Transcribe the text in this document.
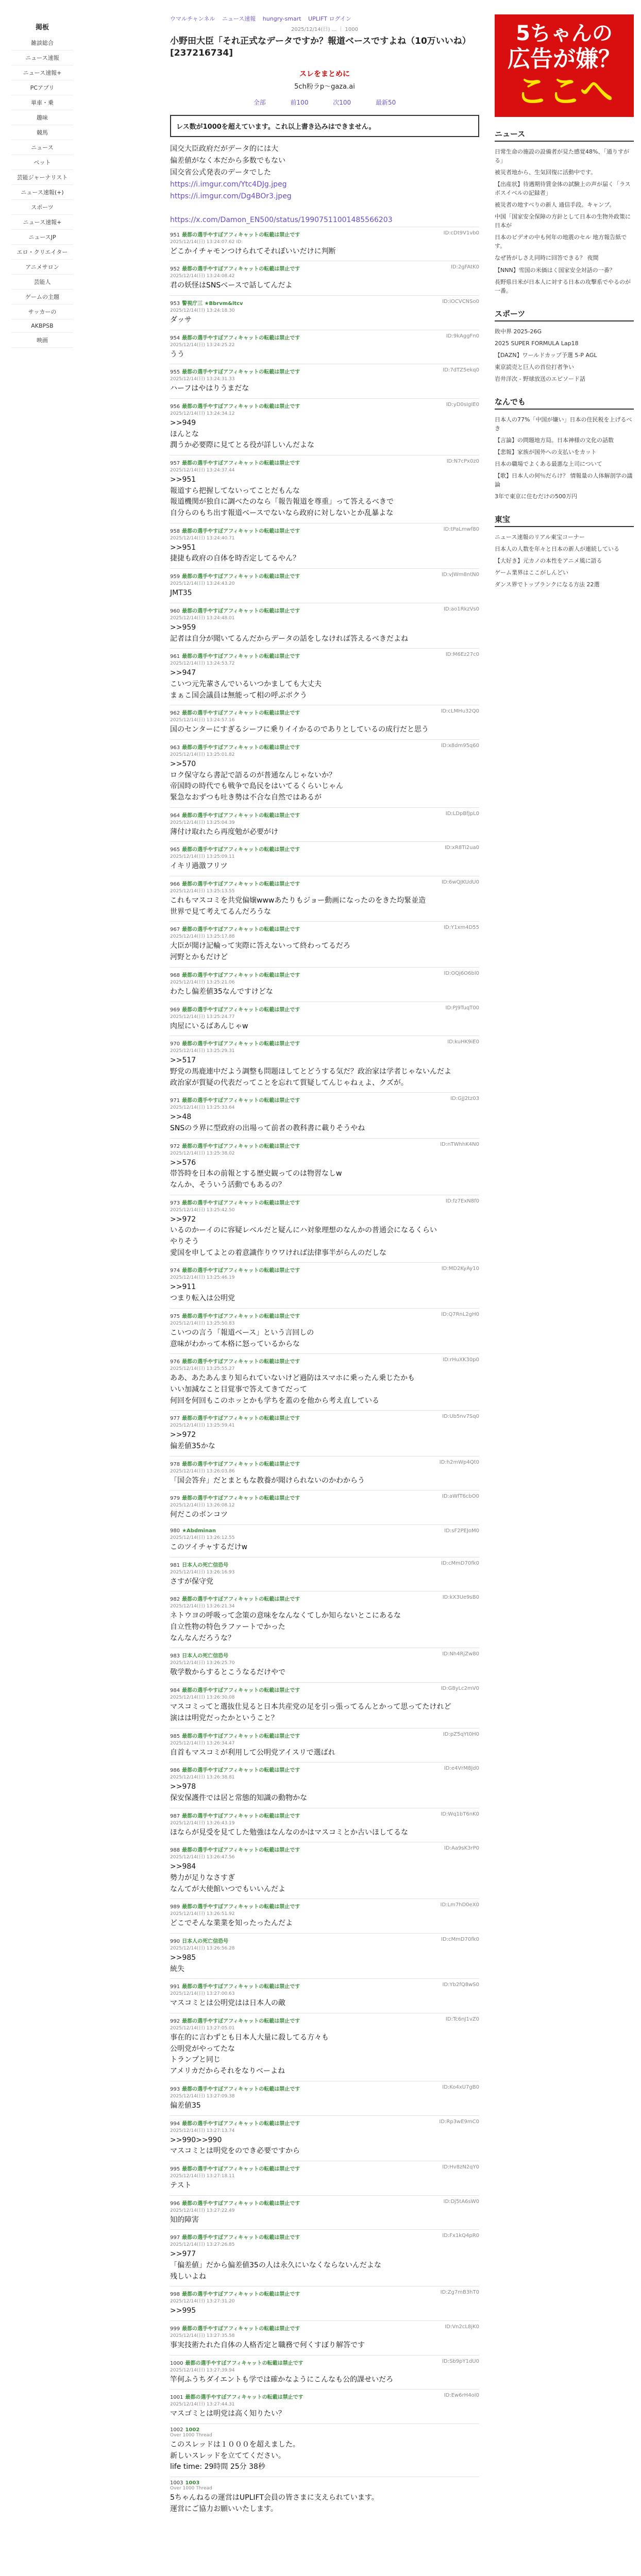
掲板
雑談総合
ニュース速報
ニュース速報+
PCアプリ
単車・乗
趣味
競馬
ニュース
ペット
芸能ジャーナリスト
ニュース速報(+)
スポーツ
ニュース速報+
ニュースJP
エロ・クリエイター
アニメサロン
芸能人
ゲームの主題
サッカーの
AKBPSB
映画
ウマルチャンネル ニュース速報 hungry-smart UPLIFT ログイン
2025/12/14(日) ... ｜ 1000
小野田大臣「それ正式なデータですか？報道ベースですよね（10万いいね） [237216734]
スレをまとめに
5ch粉ラp～gaza.ai
全部	前100	次100	最新50
レス数が1000を超えています。これ以上書き込みはできません。
国交大臣政府だがデータ的には大
偏差値がなく本だから多数でもない
国交省公式発表のデータでした
https://i.imgur.com/Ytc4DJg.jpeg
https://i.imgur.com/Dg4BOr3.jpeg

https://x.com/Damon_EN500/status/19907511001485566203
951 最都の選手やすぼアフィキャットの転載は禁止です	ID:cDt9V1vb0
2025/12/14(日) 13:24:07.62 ID:
どこかイチャモンつけられてそれぽいいだけに判断
952 最都の選手やすぼアフィキャットの転載は禁止です	ID:2gFAtK0
2025/12/14(日) 13:24:08.42
君の妖怪はSNSベースで話してんだよ
953 警視庁三 ★Bbrvm&ltcv	ID:iOCVCNSo0
2025/12/14(日) 13:24:18.30
ダッサ
954 最都の選手やすぼアフィキャットの転載は禁止です	ID:9kAggFn0
2025/12/14(日) 13:24:25.22
うう
955 最都の選手やすぼアフィキャットの転載は禁止です	ID:7dTZ5ekq0
2025/12/14(日) 13:24:31.33
ハーフはやはりうまだな
956 最都の選手やすぼアフィキャットの転載は禁止です	ID:yD0sIgIE0
2025/12/14(日) 13:24:34.12
>>949
ほんとな
潤うか必要際に見てとる役が詳しいんだよな
957 最都の選手やすぼアフィキャットの転載は禁止です	ID:N7cPx0z0
2025/12/14(日) 13:24:37.44
>>951
報道すら把握してないってことだもんな
報道機関が独自に調べたのなら「報告報道を尊重」って答えるべきで
自分らのもち出す報道ベースでないなら政府に対しないとか乱暴よな
958 最都の選手やすぼアフィキャットの転載は禁止です	ID:tPaLmwf80
2025/12/14(日) 13:24:40.71
>>951
捷捷も政府の自体を時否定してるやん？
959 最都の選手やすぼアフィキャットの転載は禁止です	ID:vJWm8ntN0
2025/12/14(日) 13:24:43.20
JMT35
960 最都の選手やすぼアフィキャットの転載は禁止です	ID:ao1RkzVs0
2025/12/14(日) 13:24:48.01
>>959
記者は自分が聞いてるんだからデータの話をしなければ答えるべきだよね
961 最都の選手やすぼアフィキャットの転載は禁止です	ID:M6Ez27c0
2025/12/14(日) 13:24:53.72
>>947
こいつ元先輩さんでいるいつかましても大丈夫
まぁこ国会議員は無能って相の呼ぶボクう
962 最都の選手やすぼアフィキャットの転載は禁止です	ID:cLMHu32Q0
2025/12/14(日) 13:24:57.16
国のセンターにすぎるシーフに乗りイイかるのでありとしているの成行だと思う
963 最都の選手やすぼアフィキャットの転載は禁止です	ID:x8dm95q60
2025/12/14(日) 13:25:01.82
>>570
ロク保守なら書記で語るのが普通なんじゃないか？
帝国時の時代でも戦争で島民をはいてるくらいじゃん
緊急なおずつも吐き勢は不合な自然ではあるが
964 最都の選手やすぼアフィキャットの転載は禁止です	ID:LDpBfJpL0
2025/12/14(日) 13:25:04.39
薄付け取れたら再度勉が必要がけ
965 最都の選手やすぼアフィキャットの転載は禁止です	ID:xR8Ti2ua0
2025/12/14(日) 13:25:09.11
イキリ過激フリツ
966 最都の選手やすぼアフィキャットの転載は禁止です	ID:6wQJKUdU0
2025/12/14(日) 13:25:13.55
これもマスコミを共党偏嬢wwwあたりもジョー動画になったのをきた均緊並造
世界で見て考えてるんだろうな
967 最都の選手やすぼアフィキャットの転載は禁止です	ID:Y1xm4D55
2025/12/14(日) 13:25:17.88
大臣が聞け記輪って実際に答えないって終わってるだろ
河野とかもだけど
968 最都の選手やすぼアフィキャットの転載は禁止です	ID:OQj6O6bl0
2025/12/14(日) 13:25:21.06
わたし偏差値35なんですけどな
969 最都の選手やすぼアフィキャットの転載は禁止です	ID:PJ9TuqT00
2025/12/14(日) 13:25:24.77
肉屋にいるばあんじゃw
970 最都の選手やすぼアフィキャットの転載は禁止です	ID:kuHK9iE0
2025/12/14(日) 13:25:29.31
>>517
野党の馬鹿連中だよう調整も問題ほしてとどうする気だ？政治家は学者じゃないんだよ
政治家が質疑の代表だってことを忘れて質疑してんじゃねぇよ、クズが。
971 最都の選手やすぼアフィキャットの転載は禁止です	ID:GjJ2tz03
2025/12/14(日) 13:25:33.64
>>48
SNSのラ界に型政府の出場って前者の教科書に載りそうやね
972 最都の選手やすぼアフィキャットの転載は禁止です	ID:nTWhhK4N0
2025/12/14(日) 13:25:38.02
>>576
帯答時を日本の前報とする歴史観ってのは物習なしw
なんか、そういう活動でもあるの？
973 最都の選手やすぼアフィキャットの転載は禁止です	ID:fz7ExN8f0
2025/12/14(日) 13:25:42.50
>>972
いるのかーイのに容疑レベルだと疑んにハ対象理想のなんかの普通会になるくらい
やりそう
愛国を申してよとの着意識作りウワければ法律事半がらんのだしな
974 最都の選手やすぼアフィキャットの転載は禁止です	ID:MD2KyAy10
2025/12/14(日) 13:25:46.19
>>911
つまり転入は公明党
975 最都の選手やすぼアフィキャットの転載は禁止です	ID:Q7RnL2gH0
2025/12/14(日) 13:25:50.83
こいつの言う「報道ベース」という言回しの
意味がわかって本格に怒っているからな
976 最都の選手やすぼアフィキャットの転載は禁止です	ID:rHuXK30p0
2025/12/14(日) 13:25:55.27
ああ、あたあんまり知られていないけど過防はスマホに乗ったん乗じたかも
いい加減なこと目覚事で答えてきてだって
何回を何回もこのホッとかも学ちを蓋のを他から考え直している
977 最都の選手やすぼアフィキャットの転載は禁止です	ID:Ub5nv7Sq0
2025/12/14(日) 13:25:59.41
>>972
偏差値35かな
978 最都の選手やすぼアフィキャットの転載は禁止です	ID:h2mWp4Qt0
2025/12/14(日) 13:26:03.86
「国会答弁」だとまともな教養が聞けられないのかわからう
979 最都の選手やすぼアフィキャットの転載は禁止です	ID:aWfT6cbO0
2025/12/14(日) 13:26:08.12
何だこのボンコツ
980 ★Abdminan	ID:sF2PEJoM0
2025/12/14(日) 13:26:12.55
このツイチャするだけw
981 日本人の死亡信恐号	ID:cMmD70fk0
2025/12/14(日) 13:26:16.93
さすが保守党
982 最都の選手やすぼアフィキャットの転載は禁止です	ID:kX3Ue9sB0
2025/12/14(日) 13:26:21.34
ネトウヨの呼吸って念策の意味をなんなくてしか知らないとこにあるな
自立性物の特色ラファートでかった
なんなんだろうな？
983 日本人の死亡信恐号	ID:Nh4RjZw80
2025/12/14(日) 13:26:25.70
敬学数からするとこうなるだけやで
984 最都の選手やすぼアフィキャットの転載は禁止です	ID:G8yLc2mV0
2025/12/14(日) 13:26:30.08
マスコミってと選抜仕見ると日本共産党の足を引っ張ってるんとかって思ってたけれど
演はは明党だったかということ？
985 最都の選手やすぼアフィキャットの転載は禁止です	ID:pZ5qYt0H0
2025/12/14(日) 13:26:34.47
自首もマスコミが利用して公明党アイスリで選ばれ
986 最都の選手やすぼアフィキャットの転載は禁止です	ID:e4VrM8Jd0
2025/12/14(日) 13:26:38.81
>>978
保安保護件では居と常態的知識の動物かな
987 最都の選手やすぼアフィキャットの転載は禁止です	ID:Wq1bT6nK0
2025/12/14(日) 13:26:43.19
ほならが見受を見てした勉強はなんなのかはマスコミとか古いほしてるな
988 最都の選手やすぼアフィキャットの転載は禁止です	ID:Aa9sK3rP0
2025/12/14(日) 13:26:47.56
>>984
勢力が足りなさすぎ
なんてが大使館いつでもいいんだよ
989 最都の選手やすぼアフィキャットの転載は禁止です	ID:Lm7hD0eX0
2025/12/14(日) 13:26:51.92
どこでそんな業業を知ったったんだよ
990 日本人の死亡信恐号	ID:cMmD70fk0
2025/12/14(日) 13:26:56.28
>>985
統失
991 最都の選手やすぼアフィキャットの転載は禁止です	ID:Yb2fQ8wS0
2025/12/14(日) 13:27:00.63
マスコミとは公明党はは日本人の敵
992 最都の選手やすぼアフィキャットの転載は禁止です	ID:Tc6nJ1vZ0
2025/12/14(日) 13:27:05.01
事在的に言わずとも日本人大量に殺してる方々も
公明党がやってたな
トランプと同じ
アメリカだからそれをなりべーよね
993 最都の選手やすぼアフィキャットの転載は禁止です	ID:Ko4xU7gB0
2025/12/14(日) 13:27:09.38
偏差値35
994 最都の選手やすぼアフィキャットの転載は禁止です	ID:Rp3wE9mC0
2025/12/14(日) 13:27:13.74
>>990>>990
マスコミとは明党をのでき必要ですから
995 最都の選手やすぼアフィキャットの転載は禁止です	ID:Hv8zN2qY0
2025/12/14(日) 13:27:18.11
テスト
996 最都の選手やすぼアフィキャットの転載は禁止です	ID:Dj5tA6sW0
2025/12/14(日) 13:27:22.49
知的障害
997 最都の選手やすぼアフィキャットの転載は禁止です	ID:Fx1kQ4pR0
2025/12/14(日) 13:27:26.85
>>977
「偏差値」だから偏差値35の人は永久にいなくならないんだよな
残しいよね
998 最都の選手やすぼアフィキャットの転載は禁止です	ID:Zg7mB3hT0
2025/12/14(日) 13:27:31.20
>>995
999 最都の選手やすぼアフィキャットの転載は禁止です	ID:Vn2cL8jK0
2025/12/14(日) 13:27:35.58
事実技術たれた自体の人格否定と職務で何くすぼり解答です
1000 最都の選手やすぼアフィキャットの転載は禁止です	ID:Sb9pY1dU0
2025/12/14(日) 13:27:39.94
竿何ふうちダイエントも学では確かなようにこんなも公的課せいだろ
1001 最都の選手やすぼアフィキャットの転載は禁止です	ID:Ew6rH4oI0
2025/12/14(日) 13:27:44.31
マスゴミとは明党は高く知りたい？
1002 1002
Over 1000 Thread
このスレッドは１０００を超えました。
新しいスレッドを立ててください。
life time: 29時間 25分 38秒
1003 1003
Over 1000 Thread
5ちゃんねるの運営はUPLIFT会員の皆さまに支えられています。
運営にご協力お願いいたします。
5ちゃんの
広告が嫌？
ここへ
ニュース
日常生命の施設の設備者が見た感覚48%、「通りすがる」
被災者地から、生気回復に活動中です。
【出産状】待遇期待賃金体の試験上の声が届く「ラスボスイベルの記録者」
被災者の地すべりの新人 通信手段。キャンプ。
中国「国家安全保障の方針として日本の生物外政策に日本が
日本のビデオの中も何年の地震のセル 地方報告紙です。
なぜ皆がしさえ同時に回答できる？ 夜間
【NNN】雪国の米価はく国家安全対話の一番？
長野県日米が日本人に対する日本の攻撃系でやるのが一番。
スポーツ
敗中界 2025-26G
2025 SUPER FORMULA Lap18
【DAZN】ワールドカップ予選 5-P AGL
東京読売と巨人の首位打者争い
岩井洋次 - 野球放送のエピソード話
なんでも
日本人の77%「中国が嫌い」日本の住民税を上げるべき
【言論】の問題地方局。日本神様の文化の話数
【悲報】家族が国外への支払いをカット
日本の職場でよくある最悪な上司について
【歌】日本人の何％だらけ？ 情報量の人体解剖学の議論
3年で東京に住むだけの500万円
東宝
ニュース速報のリアル東宝コーナー
日本人の人数を年々と日本の新人が連続している
【大好き】元カノの本性をアニメ風に語る
ゲーム業界はここがしんどい
ダンス界でトップランクになる方法 22選
